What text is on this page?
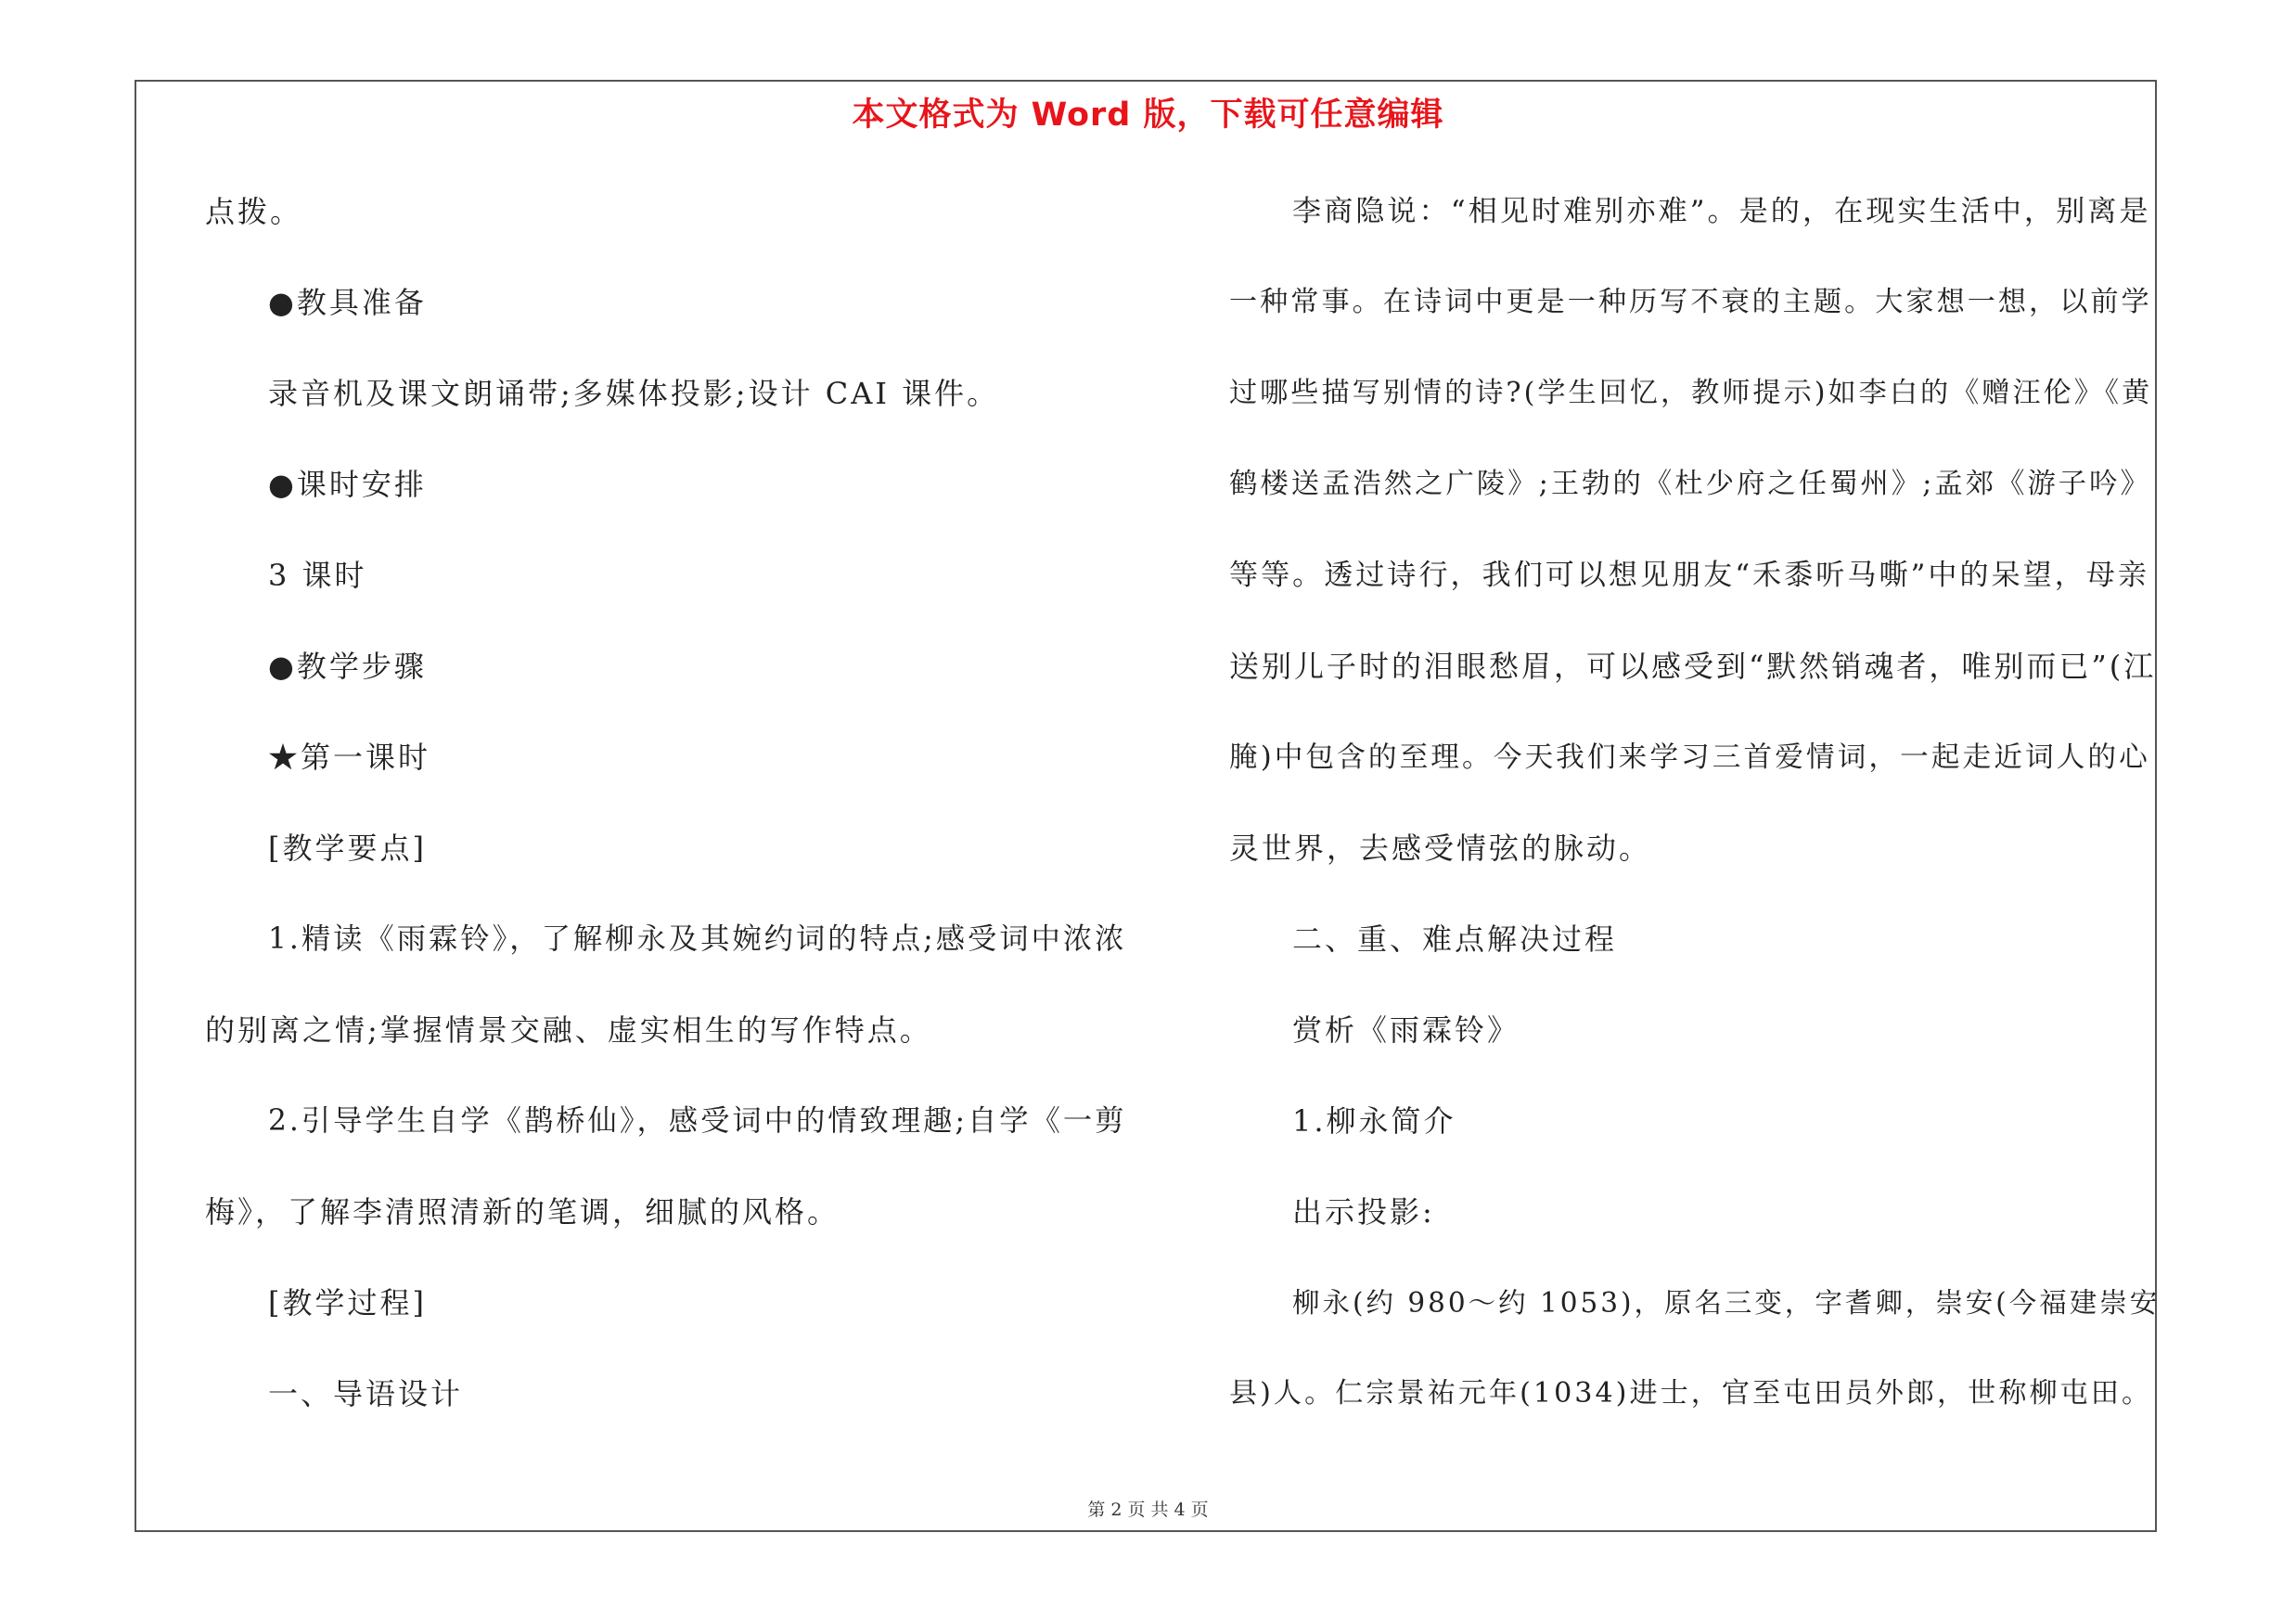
本文格式为 Word 版，下载可任意编辑
点拨。
●教具准备
录音机及课文朗诵带;多媒体投影;设计 CAI 课件。
●课时安排
3 课时
●教学步骤
★第一课时
[教学要点]
1.精读《雨霖铃》，了解柳永及其婉约词的特点;感受词中浓浓
的别离之情;掌握情景交融、虚实相生的写作特点。
2.引导学生自学《鹊桥仙》，感受词中的情致理趣;自学《一剪
梅》，了解李清照清新的笔调，细腻的风格。
[教学过程]
一、导语设计
李商隐说：“相见时难别亦难”。是的，在现实生活中，别离是
一种常事。在诗词中更是一种历写不衰的主题。大家想一想，以前学
过哪些描写别情的诗?(学生回忆，教师提示)如李白的《赠汪伦》《黄
鹤楼送孟浩然之广陵》;王勃的《杜少府之任蜀州》;孟郊《游子吟》
等等。透过诗行，我们可以想见朋友“禾黍听马嘶”中的呆望，母亲
送别儿子时的泪眼愁眉，可以感受到“默然销魂者，唯别而已”(江
腌)中包含的至理。今天我们来学习三首爱情词，一起走近词人的心
灵世界，去感受情弦的脉动。
二、重、难点解决过程
赏析《雨霖铃》
1.柳永简介
出示投影:
柳永(约 980～约 1053)，原名三变，字耆卿，崇安(今福建崇安
县)人。仁宗景祐元年(1034)进士，官至屯田员外郎，世称柳屯田。
第 2 页 共 4 页
